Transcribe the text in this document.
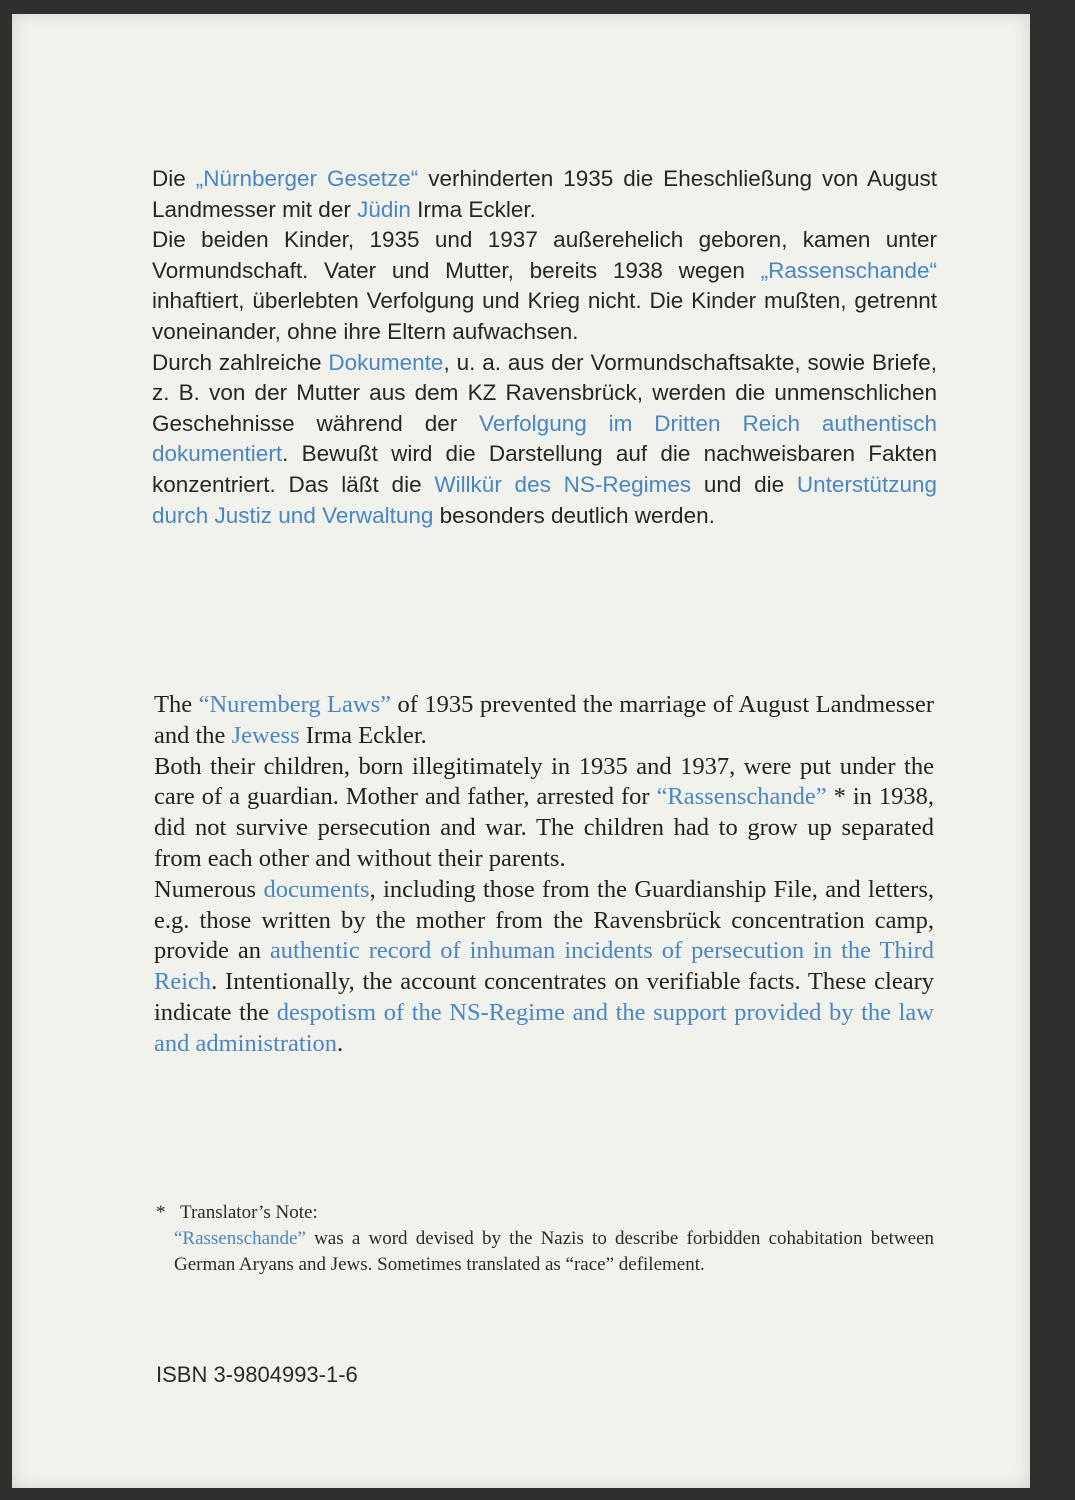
Die „Nürnberger Gesetze“ verhinderten 1935 die Eheschließung von August Landmesser mit der Jüdin Irma Eckler.

Die beiden Kinder, 1935 und 1937 außerehelich geboren, kamen unter Vormundschaft. Vater und Mutter, bereits 1938 wegen „Rassenschande“ inhaftiert, überlebten Verfolgung und Krieg nicht. Die Kinder mußten, getrennt voneinander, ohne ihre Eltern aufwachsen.

Durch zahlreiche Dokumente, u. a. aus der Vormundschaftsakte, sowie Briefe, z. B. von der Mutter aus dem KZ Ravensbrück, werden die unmenschlichen Geschehnisse während der Verfolgung im Dritten Reich authentisch dokumentiert. Bewußt wird die Darstellung auf die nachweisbaren Fakten konzentriert. Das läßt die Willkür des NS-Regimes und die Unterstützung durch Justiz und Verwaltung besonders deutlich werden.

The “Nuremberg Laws” of 1935 prevented the marriage of August Landmesser and the Jewess Irma Eckler.

Both their children, born illegitimately in 1935 and 1937, were put under the care of a guardian. Mother and father, arrested for “Rassenschande” * in 1938, did not survive persecution and war. The children had to grow up separated from each other and without their parents.

Numerous documents, including those from the Guardianship File, and letters, e.g. those written by the mother from the Ravensbrück concentration camp, provide an authentic record of inhuman incidents of persecution in the Third Reich. Intentionally, the account concentrates on verifiable facts. These cleary indicate the despotism of the NS-Regime and the support provided by the law and administration.

* Translator’s Note:
“Rassenschande” was a word devised by the Nazis to describe forbidden cohabitation between German Aryans and Jews. Sometimes translated as “race” defilement.
ISBN 3-9804993-1-6
